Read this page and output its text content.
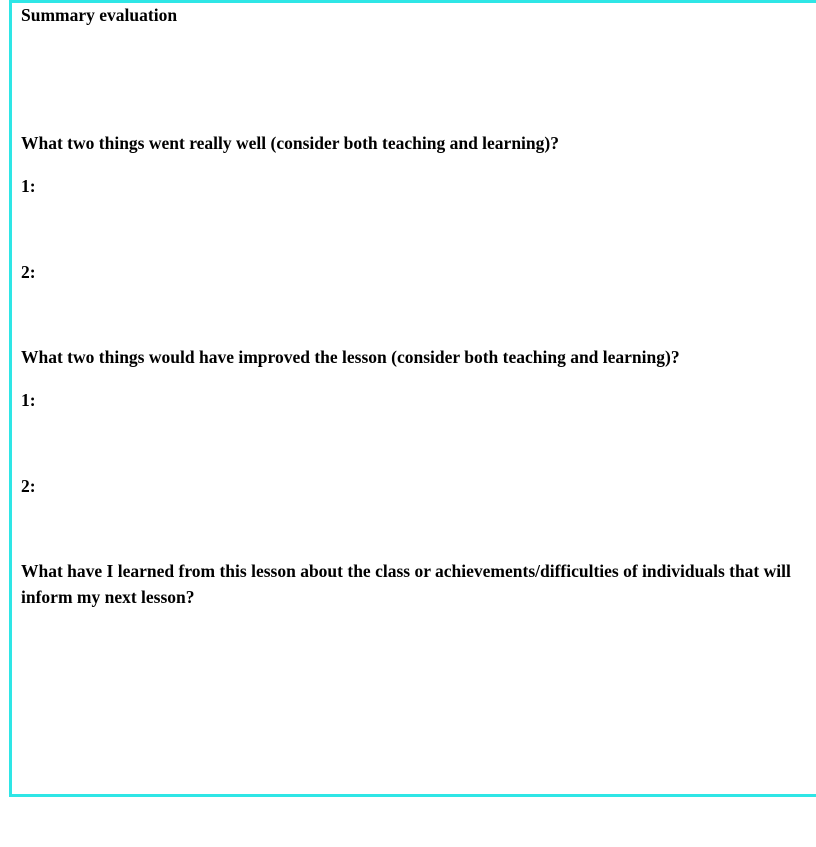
Summary evaluation
What two things went really well (consider both teaching and learning)?
1:
2:
What two things would have improved the lesson (consider both teaching and learning)?
1:
2:
What have I learned from this lesson about the class or achievements/difficulties of individuals that will inform my next lesson?
